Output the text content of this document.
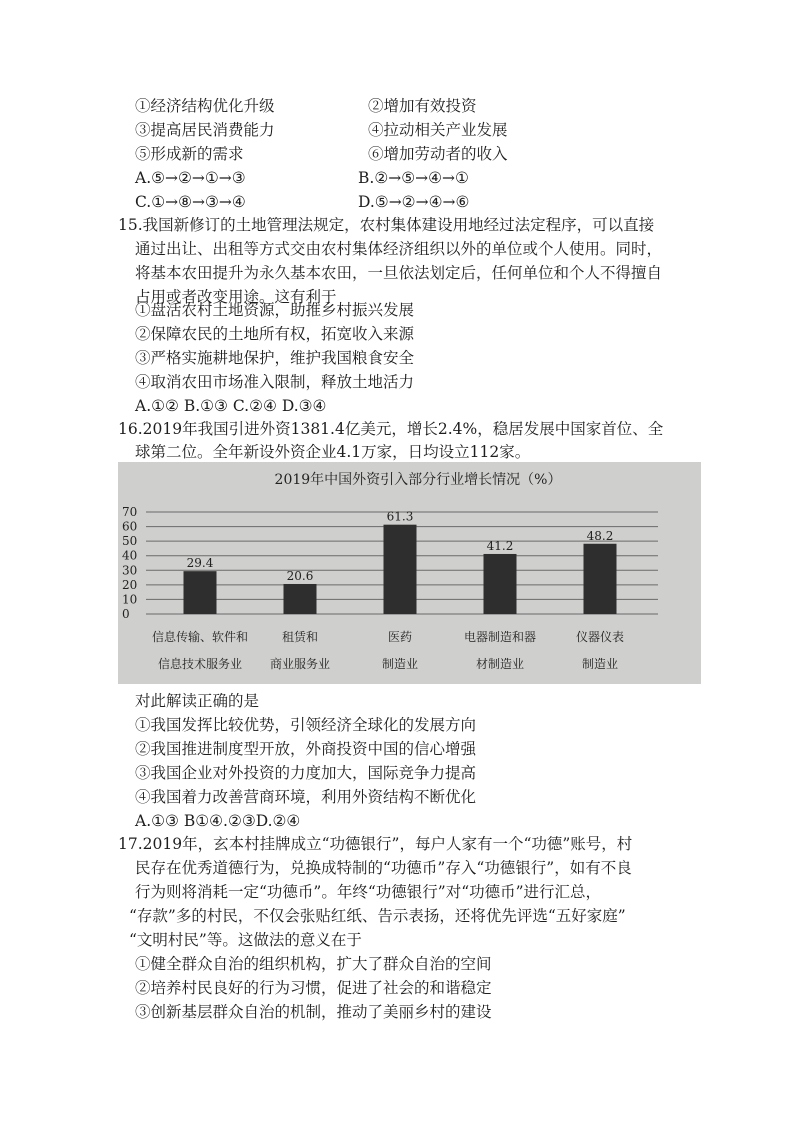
①经济结构优化升级	②增加有效投资
③提高居民消费能力	④拉动相关产业发展
⑤形成新的需求	⑥增加劳动者的收入
A.⑤→②→①→③	B.②→⑤→④→①
C.①→⑧→③→④	D.⑤→②→④→⑥
15.我国新修订的土地管理法规定，农村集体建设用地经过法定程序，可以直接
通过出让、出租等方式交由农村集体经济组织以外的单位或个人使用。同时，
将基本农田提升为永久基本农田，一旦依法划定后，任何单位和个人不得擅自
占用或者改变用途。这有利于
①盘活农村土地资源，助推乡村振兴发展
②保障农民的土地所有权，拓宽收入来源
③严格实施耕地保护，维护我国粮食安全
④取消农田市场准入限制，释放土地活力
A.①② B.①③ C.②④ D.③④
16.2019年我国引进外资1381.4亿美元，增长2.4%，稳居发展中国家首位、全
球第二位。全年新设外资企业4.1万家，日均设立112家。
2019年中国外资引入部分行业增长情况（%）
0
10
20
30
40
50
60
70
29.4
20.6
61.3
41.2
48.2
信息传输、软件和
信息技术服务业
租赁和
商业服务业
医药
制造业
电器制造和器
材制造业
仪器仪表
制造业
对此解读正确的是
①我国发挥比较优势，引领经济全球化的发展方向
②我国推进制度型开放，外商投资中国的信心增强
③我国企业对外投资的力度加大，国际竞争力提高
④我国着力改善营商环境，利用外资结构不断优化
A.①③ B①④.②③D.②④
17.2019年，玄本村挂牌成立“功德银行”，每户人家有一个“功德”账号，村
民存在优秀道德行为，兑换成特制的“功德币”存入“功德银行”，如有不良
行为则将消耗一定“功德币”。年终“功德银行”对“功德币”进行汇总，
“存款”多的村民，不仅会张贴红纸、告示表扬，还将优先评选“五好家庭”
“文明村民”等。这做法的意义在于
①健全群众自治的组织机构，扩大了群众自治的空间
②培养村民良好的行为习惯，促进了社会的和谐稳定
③创新基层群众自治的机制，推动了美丽乡村的建设
